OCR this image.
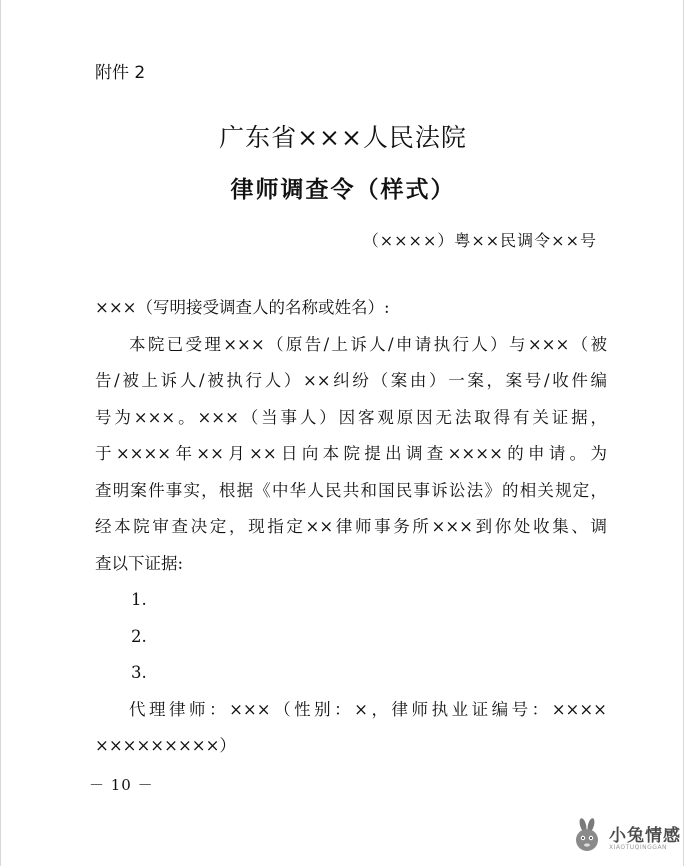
附件 2
广东省×××人民法院
律师调查令（样式）
（××××）粤××民调令××号
×××（写明接受调查人的名称或姓名）:
本院已受理×××（原告/上诉人/申请执行人）与×××（被
告/被上诉人/被执行人）××纠纷（案由）一案，案号/收件编
号为×××。×××（当事人）因客观原因无法取得有关证据，
于××××年××月××日向本院提出调查××××的申请。为
查明案件事实，根据《中华人民共和国民事诉讼法》的相关规定，
经本院审查决定，现指定××律师事务所×××到你处收集、调
查以下证据:
1.
2.
3.
代理律师：×××（性别：×，律师执业证编号：××××
×××××××××）
－ 10 －
小兔情感
XIAOTUQINGGAN
